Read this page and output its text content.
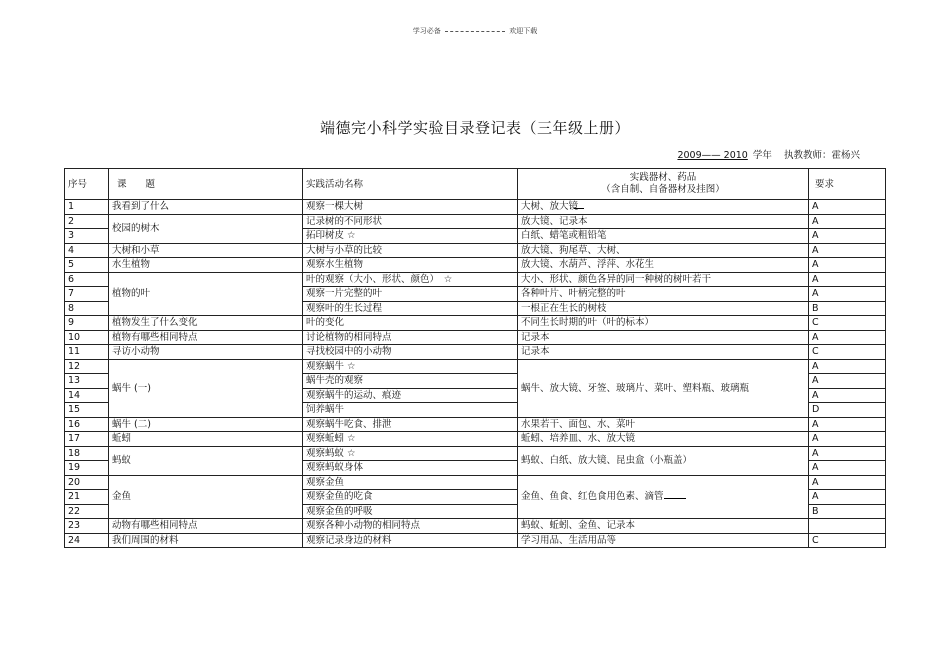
学习必备	欢迎下载
端德完小科学实验目录登记表（三年级上册）
2009—— 2010 学年 执教教师：霍杨兴
序号	课　　题	实践活动名称	实践器材、药品
（含自制、自备器材及挂图）	要求
1	我看到了什么	观察一棵大树	大树、放大镜	A
2	校园的树木	记录树的不同形状	放大镜、记录本	A
3		拓印树皮 ☆	白纸、蜡笔或粗铅笔	A
4	大树和小草	大树与小草的比较	放大镜、狗尾草、大树、	A
5	水生植物	观察水生植物	放大镜、水葫芦、浮萍、水花生	A
6	植物的叶	叶的观察（大小、形状、颜色）　☆	大小、形状、颜色各异的同一种树的树叶若干	A
7		观察一片完整的叶	各种叶片、叶柄完整的叶	A
8		观察叶的生长过程	一根正在生长的树枝	B
9	植物发生了什么变化	叶的变化	不同生长时期的叶（叶的标本）	C
10	植物有哪些相同特点	讨论植物的相同特点	记录本	A
11	寻访小动物	寻找校园中的小动物	记录本	C
12	蜗牛 (一)	观察蜗牛 ☆	蜗牛、放大镜、牙签、玻璃片、菜叶、塑料瓶、玻璃瓶	A
13		蜗牛壳的观察		A
14		观察蜗牛的运动、痕迹		A
15		饲养蜗牛		D
16	蜗牛 (二)	观察蜗牛吃食、排泄	水果若干、面包、水、菜叶	A
17	蚯蚓	观察蚯蚓 ☆	蚯蚓、培养皿、水、放大镜	A
18	蚂蚁	观察蚂蚁 ☆	蚂蚁、白纸、放大镜、昆虫盒（小瓶盖）	A
19		观察蚂蚁身体		A
20	金鱼	观察金鱼	金鱼、鱼食、红色食用色素、滴管	A
21		观察金鱼的吃食		A
22		观察金鱼的呼吸		B
23	动物有哪些相同特点	观察各种小动物的相同特点	蚂蚁、蚯蚓、金鱼、记录本	
24	我们周围的材料	观察记录身边的材料	学习用品、生活用品等	C
